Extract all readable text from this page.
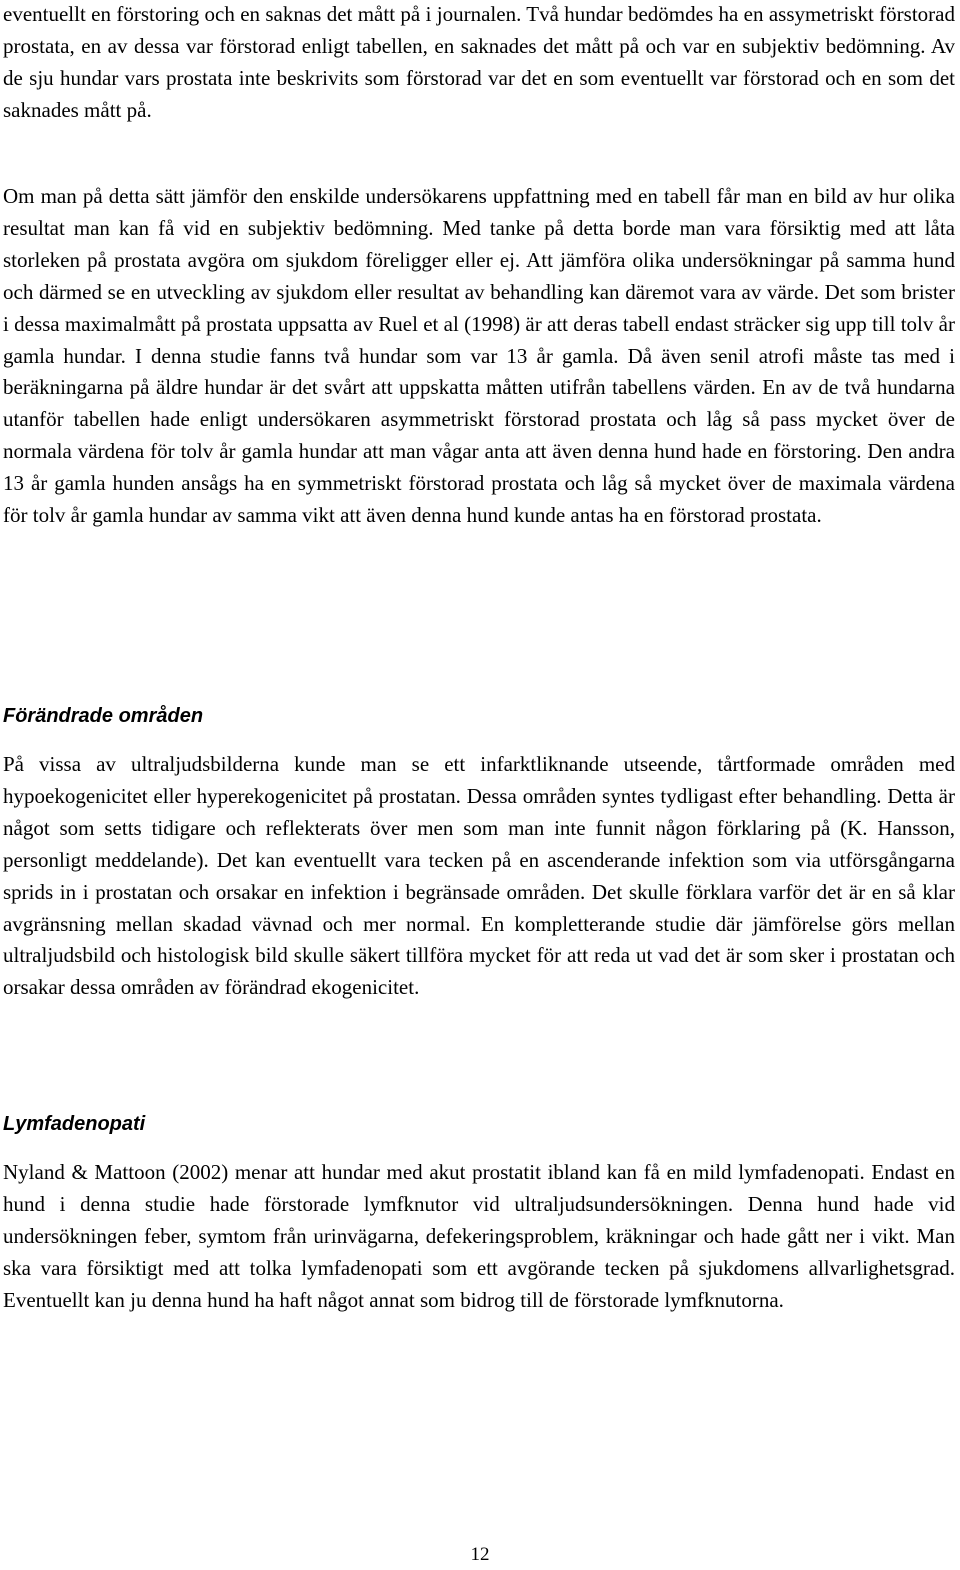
eventuellt en förstoring och en saknas det mått på i journalen. Två hundar bedömdes ha en assymetriskt förstorad prostata, en av dessa var förstorad enligt tabellen, en saknades det mått på och var en subjektiv bedömning. Av de sju hundar vars prostata inte beskrivits som förstorad var det en som eventuellt var förstorad och en som det saknades mått på.

Om man på detta sätt jämför den enskilde undersökarens uppfattning med en tabell får man en bild av hur olika resultat man kan få vid en subjektiv bedömning. Med tanke på detta borde man vara försiktig med att låta storleken på prostata avgöra om sjukdom föreligger eller ej. Att jämföra olika undersökningar på samma hund och därmed se en utveckling av sjukdom eller resultat av behandling kan däremot vara av värde. Det som brister i dessa maximalmått på prostata uppsatta av Ruel et al (1998) är att deras tabell endast sträcker sig upp till tolv år gamla hundar. I denna studie fanns två hundar som var 13 år gamla. Då även senil atrofi måste tas med i beräkningarna på äldre hundar är det svårt att uppskatta måtten utifrån tabellens värden. En av de två hundarna utanför tabellen hade enligt undersökaren asymmetriskt förstorad prostata och låg så pass mycket över de normala värdena för tolv år gamla hundar att man vågar anta att även denna hund hade en förstoring. Den andra 13 år gamla hunden ansågs ha en symmetriskt förstorad prostata och låg så mycket över de maximala värdena för tolv år gamla hundar av samma vikt att även denna hund kunde antas ha en förstorad prostata.

Förändrade områden

På vissa av ultraljudsbilderna kunde man se ett infarktliknande utseende, tårtformade områden med hypoekogenicitet eller hyperekogenicitet på prostatan. Dessa områden syntes tydligast efter behandling. Detta är något som setts tidigare och reflekterats över men som man inte funnit någon förklaring på (K. Hansson, personligt meddelande). Det kan eventuellt vara tecken på en ascenderande infektion som via utförsgångarna sprids in i prostatan och orsakar en infektion i begränsade områden. Det skulle förklara varför det är en så klar avgränsning mellan skadad vävnad och mer normal. En kompletterande studie där jämförelse görs mellan ultraljudsbild och histologisk bild skulle säkert tillföra mycket för att reda ut vad det är som sker i prostatan och orsakar dessa områden av förändrad ekogenicitet.

Lymfadenopati

Nyland & Mattoon (2002) menar att hundar med akut prostatit ibland kan få en mild lymfadenopati. Endast en hund i denna studie hade förstorade lymfknutor vid ultraljudsundersökningen. Denna hund hade vid undersökningen feber, symtom från urinvägarna, defekeringsproblem, kräkningar och hade gått ner i vikt. Man ska vara försiktigt med att tolka lymfadenopati som ett avgörande tecken på sjukdomens allvarlighetsgrad. Eventuellt kan ju denna hund ha haft något annat som bidrog till de förstorade lymfknutorna.

12
